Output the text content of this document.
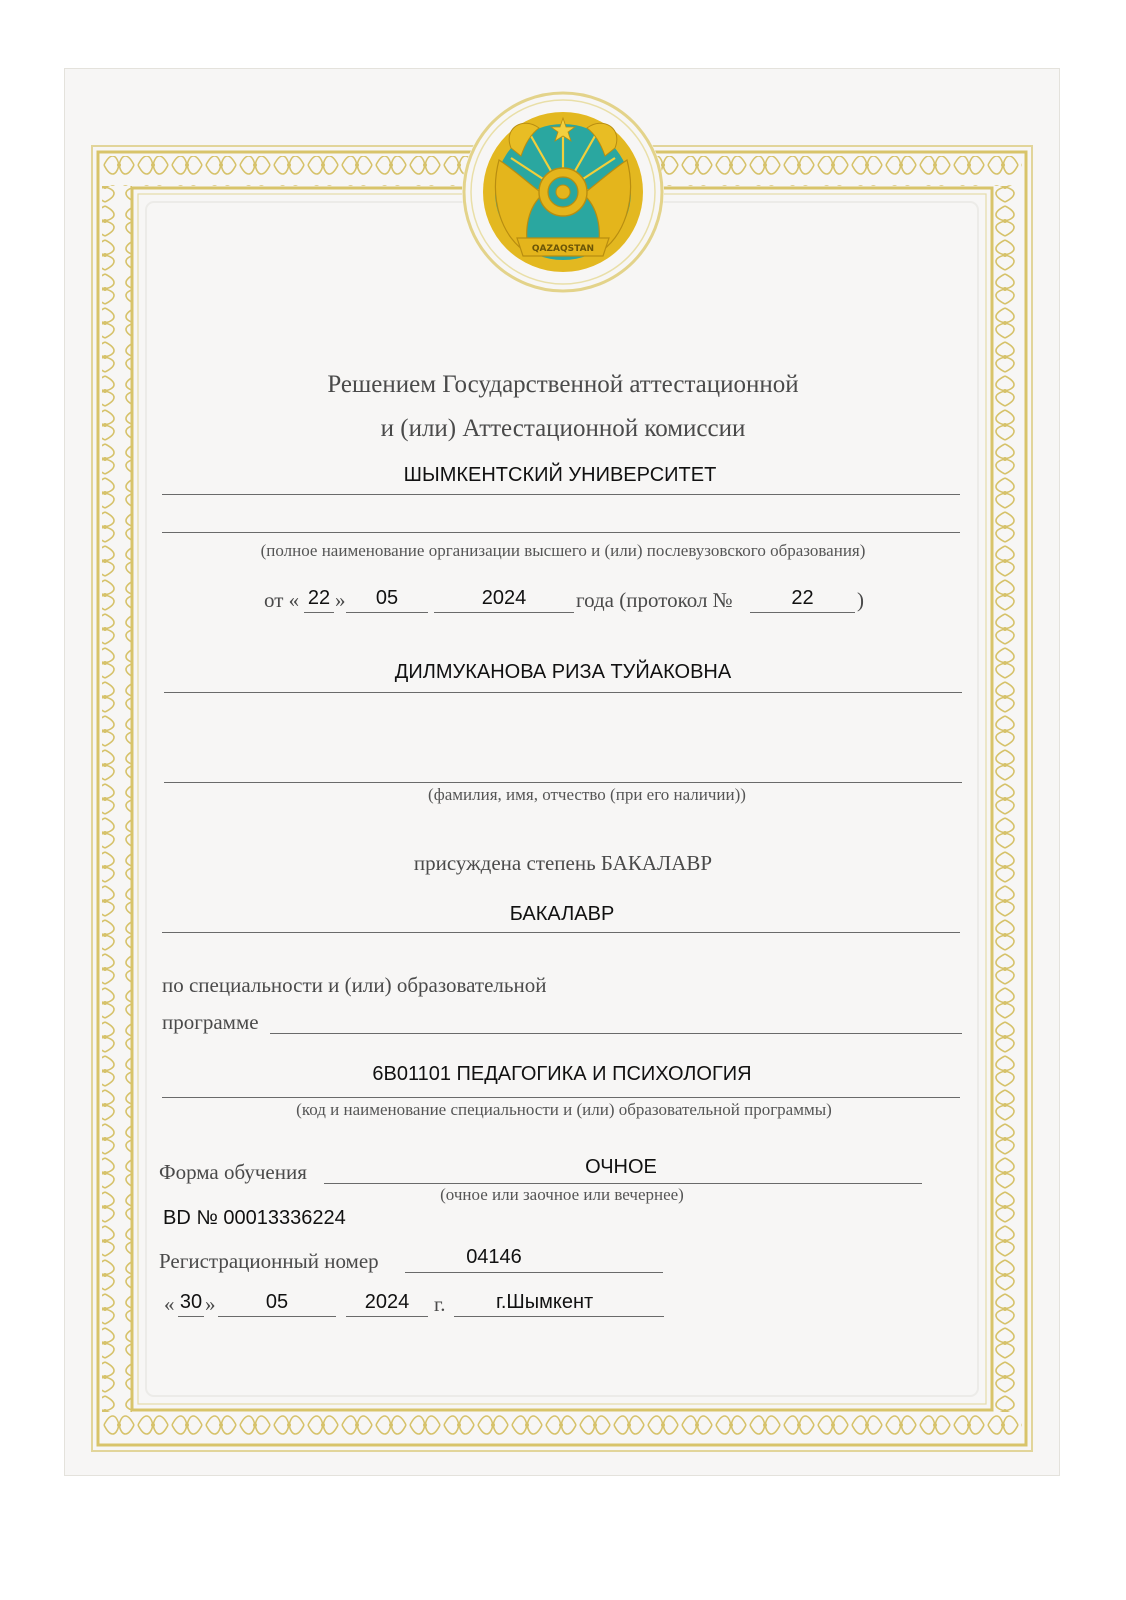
QAZAQSTAN
Решением Государственной аттестационной
и (или) Аттестационной комиссии
ШЫМКЕНТСКИЙ УНИВЕРСИТЕТ
(полное наименование организации высшего и (или) послевузовского образования)
от « 22 »	05	2024	года (протокол №	22	)
ДИЛМУКАНОВА РИЗА ТУЙАКОВНА
(фамилия, имя, отчество (при его наличии))
присуждена степень БАКАЛАВР
БАКАЛАВР
по специальности и (или) образовательной
программе
6В01101 ПЕДАГОГИКА И ПСИХОЛОГИЯ
(код и наименование специальности и (или) образовательной программы)
Форма обучения	ОЧНОЕ
(очное или заочное или вечернее)
BD № 00013336224
Регистрационный номер	04146
« 30 »	05	2024	г.	г.Шымкент
